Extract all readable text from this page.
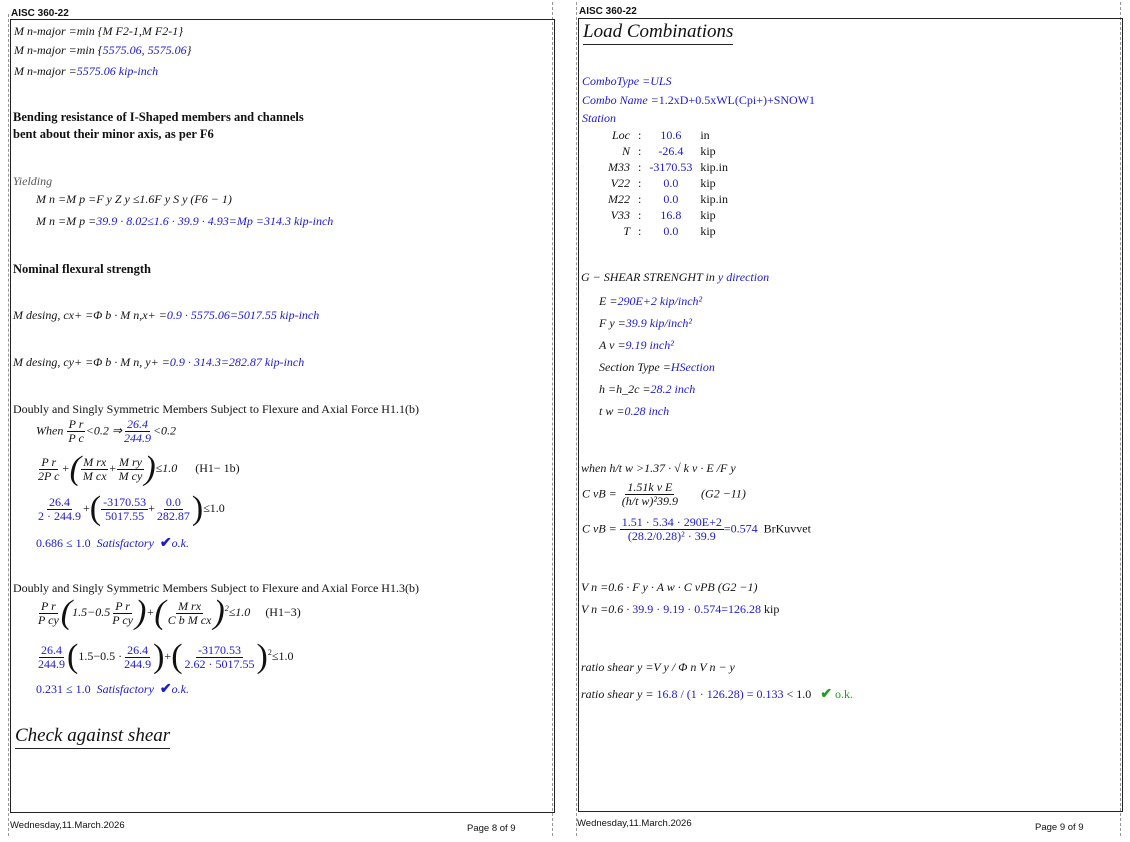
AISC 360-22
M n-major =min {M F2-1,M F2-1}
M n-major =min {5575.06, 5575.06}
M n-major =5575.06 kip-inch
Bending resistance of I-Shaped members and channels
bent about their minor axis, as per F6
Yielding
M n =M p =F y Z y ≤1.6F y S y (F6 − 1)
M n =M p =39.9 · 8.02≤1.6 · 39.9 · 4.93=Mp =314.3 kip-inch
Nominal flexural strength
M desing, cx+ =Φ b · M n,x+ =0.9 · 5575.06=5017.55 kip-inch
M desing, cy+ =Φ b · M n, y+ =0.9 · 314.3=282.87 kip-inch
Doubly and Singly Symmetric Members Subject to Flexure and Axial Force H1.1(b)
When $\frac{\text{P r}}{\text{P c}} <0.2$ ⇒ $\frac{26.4}{244.9} <0.2$
$\frac{\text{P r}}{\text{2P c}}$ +( $\frac{\text{M rx}}{\text{M cx}} + \frac{\text{M ry}}{\text{M cy}} )\le 1.0$ (H1− 1b)
$\frac{26.4}{2 \cdot 244.9}$ +( $\frac{-3170.53}{5017.55} + \frac{0.0}{282.87} )\le 1.0$
0.686 ≤ 1.0 Satisfactory ✔o.k.
Doubly and Singly Symmetric Members Subject to Flexure and Axial Force H1.3(b)
$\frac{\text{P r}}{\text{P cy}} (1.5-0.5 \frac{\text{P r}}{\text{P cy}}$ )+( $\frac{\text{M rx}}{\text{C b M cx}} )^2\le 1.0$ (H1−3)
$\frac{26.4}{244.9} (1.5-0.5 \cdot \frac{26.4}{244.9}$ )+( $\frac{-3170.53}{2.62 \cdot 5017.55} )^2\le 1.0$
0.231 ≤ 1.0 Satisfactory ✔o.k.
Check against shear
Wednesday,11.March.2026	Page 8 of 9
AISC 360-22
Load Combinations
ComboType =ULS
Combo Name =1.2xD+0.5xWL(Cpi+)+SNOW1
Station
Loc	:	10.6	in
N	:	-26.4	kip
M33	:	-3170.53	kip.in
V22	:	0.0	kip
M22	:	0.0	kip.in
V33	:	16.8	kip
T	:	0.0	kip
G − SHEAR STRENGHT in y direction
E =290E+2 kip/inch²
F y =39.9 kip/inch²
A v =9.19 inch²
Section Type =HSection
h =h_2c =28.2 inch
t w =0.28 inch
when h/t w >1.37 · √ k v · E /F y
C vB = $\frac{\text{1.51k v E}}{\text{(h/t w)²39.9}} (G2 -11)$
C vB = $\frac{1.51 \cdot 5.34 \cdot 290E+2}{\text{(28.2/0.28)² · 39.9}} =0.574$ BrKuvvet
V n =0.6 · F y · A w · C vPB (G2 −1)
V n =0.6 · 39.9 · 9.19 · 0.574=126.28 kip
ratio shear y =V y / Φ n V n − y
ratio shear y = 16.8 / (1 · 126.28) = 0.133 < 1.0 ✔ o.k.
Wednesday,11.March.2026	Page 9 of 9
